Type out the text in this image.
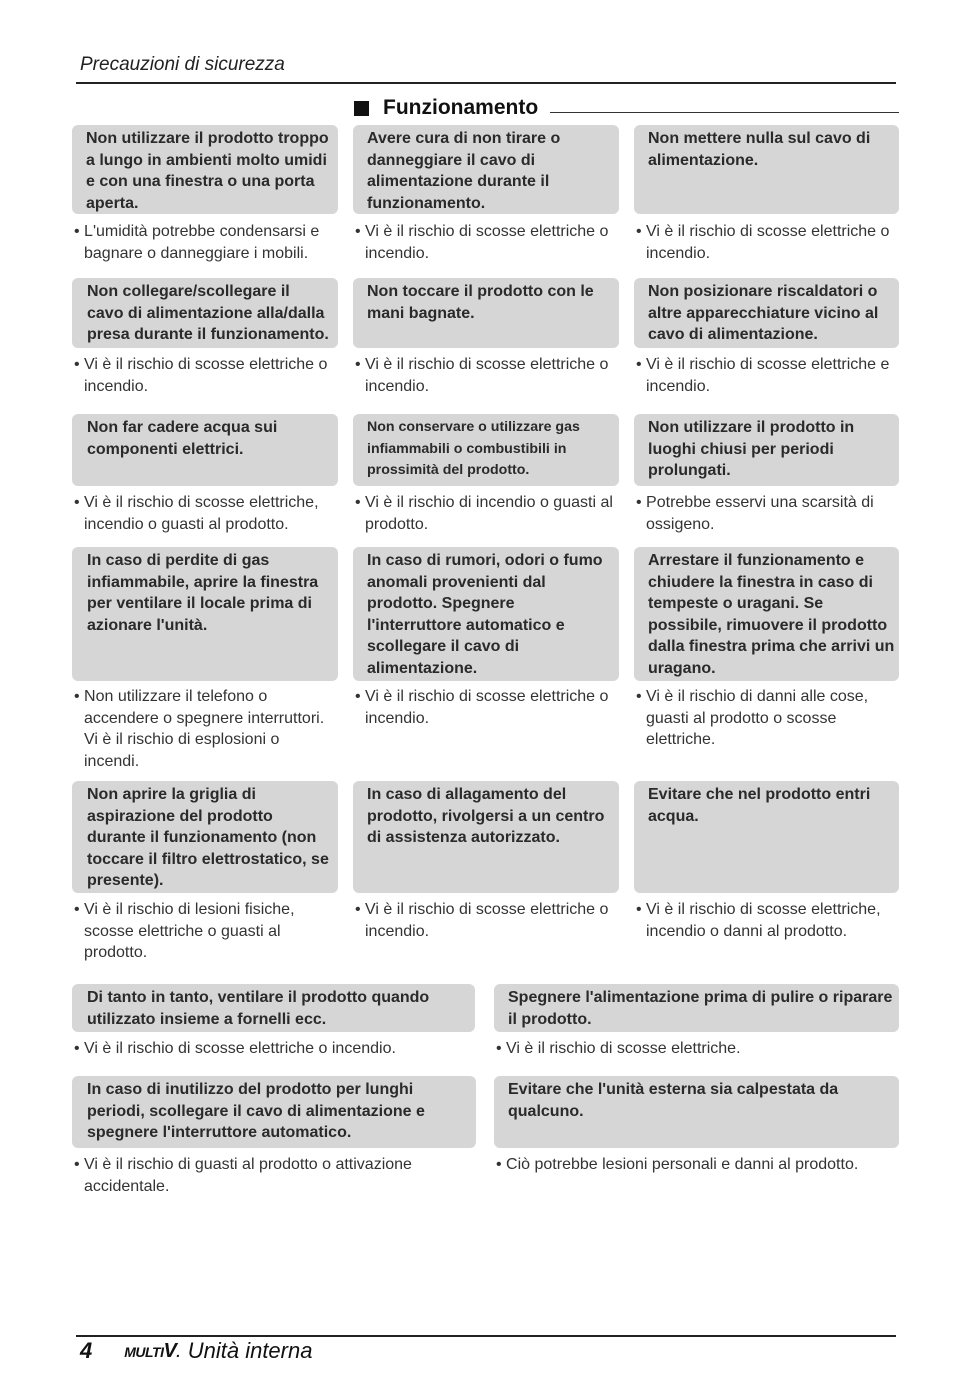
Precauzioni di sicurezza
Funzionamento
Non utilizzare il prodotto troppo a lungo in ambienti molto umidi e con una finestra o una porta aperta.
• L'umidità potrebbe condensarsi e bagnare o danneggiare i mobili.
Avere cura di non tirare o danneggiare il cavo di alimentazione durante il funzionamento.
• Vi è il rischio di scosse elettriche o incendio.
Non mettere nulla sul cavo di alimentazione.
• Vi è il rischio di scosse elettriche o incendio.
Non collegare/scollegare il cavo di alimentazione alla/dalla presa durante il funzionamento.
• Vi è il rischio di scosse elettriche o incendio.
Non toccare il prodotto con le mani bagnate.
• Vi è il rischio di scosse elettriche o incendio.
Non posizionare riscaldatori o altre apparecchiature vicino al cavo di alimentazione.
• Vi è il rischio di scosse elettriche e incendio.
Non far cadere acqua sui componenti elettrici.
• Vi è il rischio di scosse elettriche, incendio o guasti al prodotto.
Non conservare o utilizzare gas infiammabili o combustibili in prossimità del prodotto.
• Vi è il rischio di incendio o guasti al prodotto.
Non utilizzare il prodotto in luoghi chiusi per periodi prolungati.
• Potrebbe esservi una scarsità di ossigeno.
In caso di perdite di gas infiammabile, aprire la finestra per ventilare il locale prima di azionare l'unità.
• Non utilizzare il telefono o accendere o spegnere interruttori. Vi è il rischio di esplosioni o incendi.
In caso di rumori, odori o fumo anomali provenienti dal prodotto. Spegnere l'interruttore automatico e scollegare il cavo di alimentazione.
• Vi è il rischio di scosse elettriche o incendio.
Arrestare il funzionamento e chiudere la finestra in caso di tempeste o uragani. Se possibile, rimuovere il prodotto dalla finestra prima che arrivi un uragano.
• Vi è il rischio di danni alle cose, guasti al prodotto o scosse elettriche.
Non aprire la griglia di aspirazione del prodotto durante il funzionamento (non toccare il filtro elettrostatico, se presente).
• Vi è il rischio di lesioni fisiche, scosse elettriche o guasti al prodotto.
In caso di allagamento del prodotto, rivolgersi a un centro di assistenza autorizzato.
• Vi è il rischio di scosse elettriche o incendio.
Evitare che nel prodotto entri acqua.
• Vi è il rischio di scosse elettriche, incendio o danni al prodotto.
Di tanto in tanto, ventilare il prodotto quando utilizzato insieme a fornelli ecc.
• Vi è il rischio di scosse elettriche o incendio.
Spegnere l'alimentazione prima di pulire o riparare il prodotto.
• Vi è il rischio di scosse elettriche.
In caso di inutilizzo del prodotto per lunghi periodi, scollegare il cavo di alimentazione e spegnere l'interruttore automatico.
• Vi è il rischio di guasti al prodotto o attivazione accidentale.
Evitare che l'unità esterna sia calpestata da qualcuno.
• Ciò potrebbe lesioni personali e danni al prodotto.
4 MULTIV. Unità interna
